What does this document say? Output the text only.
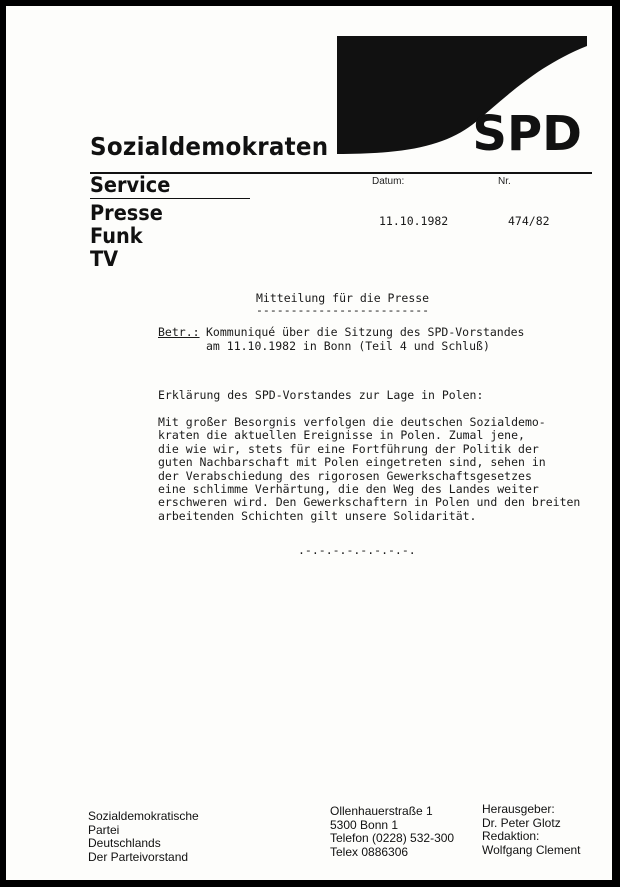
SPD
Sozialdemokraten
Service
Presse
Funk
TV
Datum:	Nr.
11.10.1982	474/82
Mitteilung für die Presse
-------------------------
Betr.: Kommuniqué über die Sitzung des SPD-Vorstandes
am 11.10.1982 in Bonn (Teil 4 und Schluß)
Erklärung des SPD-Vorstandes zur Lage in Polen:
Mit großer Besorgnis verfolgen die deutschen Sozialdemo-
kraten die aktuellen Ereignisse in Polen. Zumal jene,
die wie wir, stets für eine Fortführung der Politik der
guten Nachbarschaft mit Polen eingetreten sind, sehen in
der Verabschiedung des rigorosen Gewerkschaftsgesetzes
eine schlimme Verhärtung, die den Weg des Landes weiter
erschweren wird. Den Gewerkschaftern in Polen und den breiten
arbeitenden Schichten gilt unsere Solidarität.
.-.-.-.-.-.-.-.-.
Sozialdemokratische
Partei
Deutschlands
Der Parteivorstand
Ollenhauerstraße 1
5300 Bonn 1
Telefon (0228) 532-300
Telex 0886306
Herausgeber:
Dr. Peter Glotz
Redaktion:
Wolfgang Clement
